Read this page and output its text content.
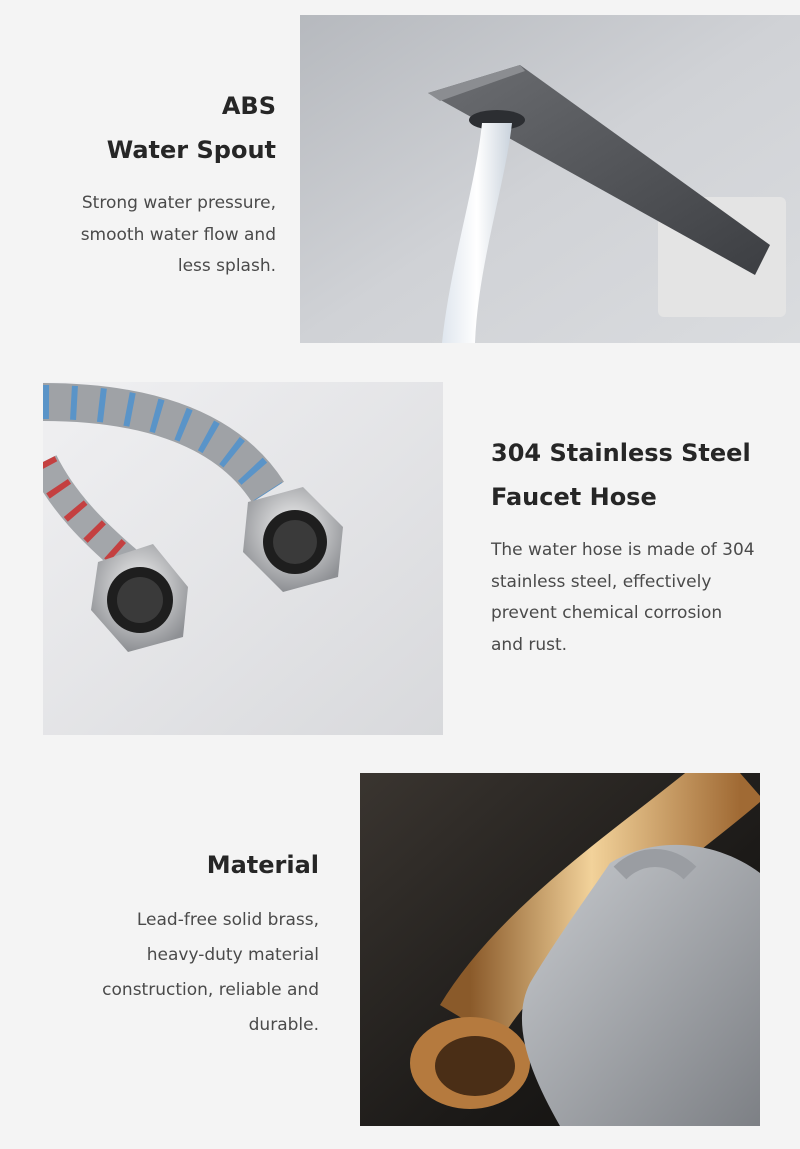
ABS
Water Spout
Strong water pressure,
smooth water flow and
less splash.
304 Stainless Steel
Faucet Hose
The water hose is made of 304
stainless steel, effectively
prevent chemical corrosion
and rust.
Material
Lead-free solid brass,
heavy-duty material
construction, reliable and
durable.
